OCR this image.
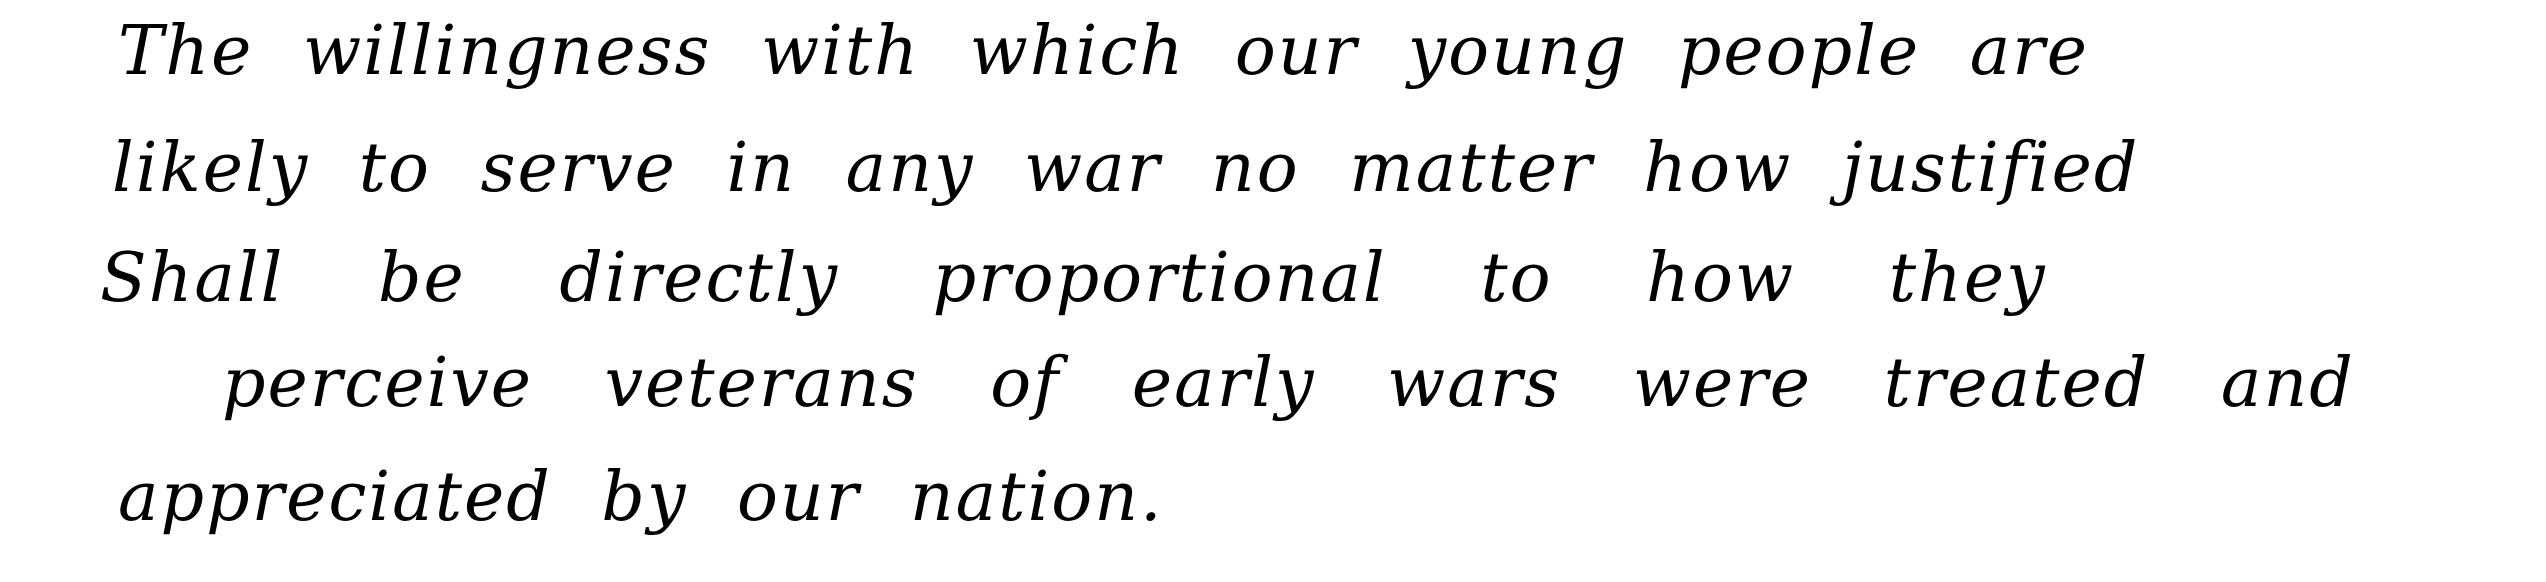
The willingness with which our young people are

likely to serve in any war no matter how justified

Shall be directly proportional to how they

perceive veterans of early wars were treated and

appreciated by our nation.
